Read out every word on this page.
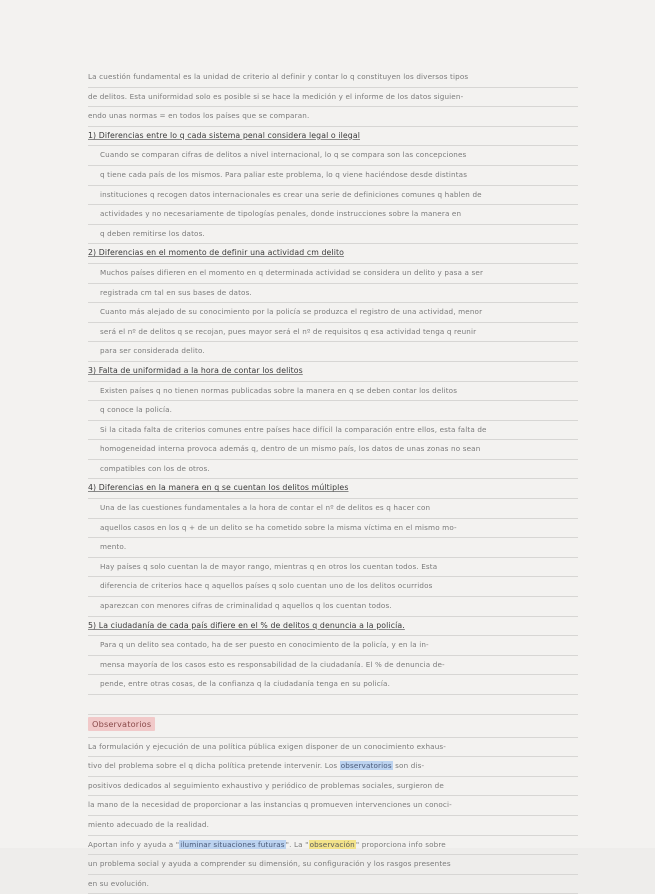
La cuestión fundamental es la unidad de criterio al definir y contar lo q constituyen los diversos tipos
de delitos. Esta uniformidad solo es posible si se hace la medición y el informe de los datos siguien-
endo unas normas = en todos los países que se comparan.
1) Diferencias entre lo q cada sistema penal considera legal o ilegal
Cuando se comparan cifras de delitos a nivel internacional, lo q se compara son las concepciones
q tiene cada país de los mismos. Para paliar este problema, lo q viene haciéndose desde distintas
instituciones q recogen datos internacionales es crear una serie de definiciones comunes q hablen de
actividades y no necesariamente de tipologías penales, donde instrucciones sobre la manera en
q deben remitirse los datos.
2) Diferencias en el momento de definir una actividad cm delito
Muchos países difieren en el momento en q determinada actividad se considera un delito y pasa a ser
registrada cm tal en sus bases de datos.
Cuanto más alejado de su conocimiento por la policía se produzca el registro de una actividad, menor
será el nº de delitos q se recojan, pues mayor será el nº de requisitos q esa actividad tenga q reunir
para ser considerada delito.
3) Falta de uniformidad a la hora de contar los delitos
Existen países q no tienen normas publicadas sobre la manera en q se deben contar los delitos
q conoce la policía.
Si la citada falta de criterios comunes entre países hace difícil la comparación entre ellos, esta falta de
homogeneidad interna provoca además q, dentro de un mismo país, los datos de unas zonas no sean
compatibles con los de otros.
4) Diferencias en la manera en q se cuentan los delitos múltiples
Una de las cuestiones fundamentales a la hora de contar el nº de delitos es q hacer con
aquellos casos en los q + de un delito se ha cometido sobre la misma víctima en el mismo mo-
mento.
Hay países q solo cuentan la de mayor rango, mientras q en otros los cuentan todos. Esta
diferencia de criterios hace q aquellos países q solo cuentan uno de los delitos ocurridos
aparezcan con menores cifras de criminalidad q aquellos q los cuentan todos.
5) La ciudadanía de cada país difiere en el % de delitos q denuncia a la policía.
Para q un delito sea contado, ha de ser puesto en conocimiento de la policía, y en la in-
mensa mayoría de los casos esto es responsabilidad de la ciudadanía. El % de denuncia de-
pende, entre otras cosas, de la confianza q la ciudadanía tenga en su policía.
Observatorios
La formulación y ejecución de una política pública exigen disponer de un conocimiento exhaus-
tivo del problema sobre el q dicha política pretende intervenir. Los observatorios son dis-
positivos dedicados al seguimiento exhaustivo y periódico de problemas sociales, surgieron de
la mano de la necesidad de proporcionar a las instancias q promueven intervenciones un conoci-
miento adecuado de la realidad.
Aportan info y ayuda a "iluminar situaciones futuras". La "observación" proporciona info sobre
un problema social y ayuda a comprender su dimensión, su configuración y los rasgos presentes
en su evolución.
